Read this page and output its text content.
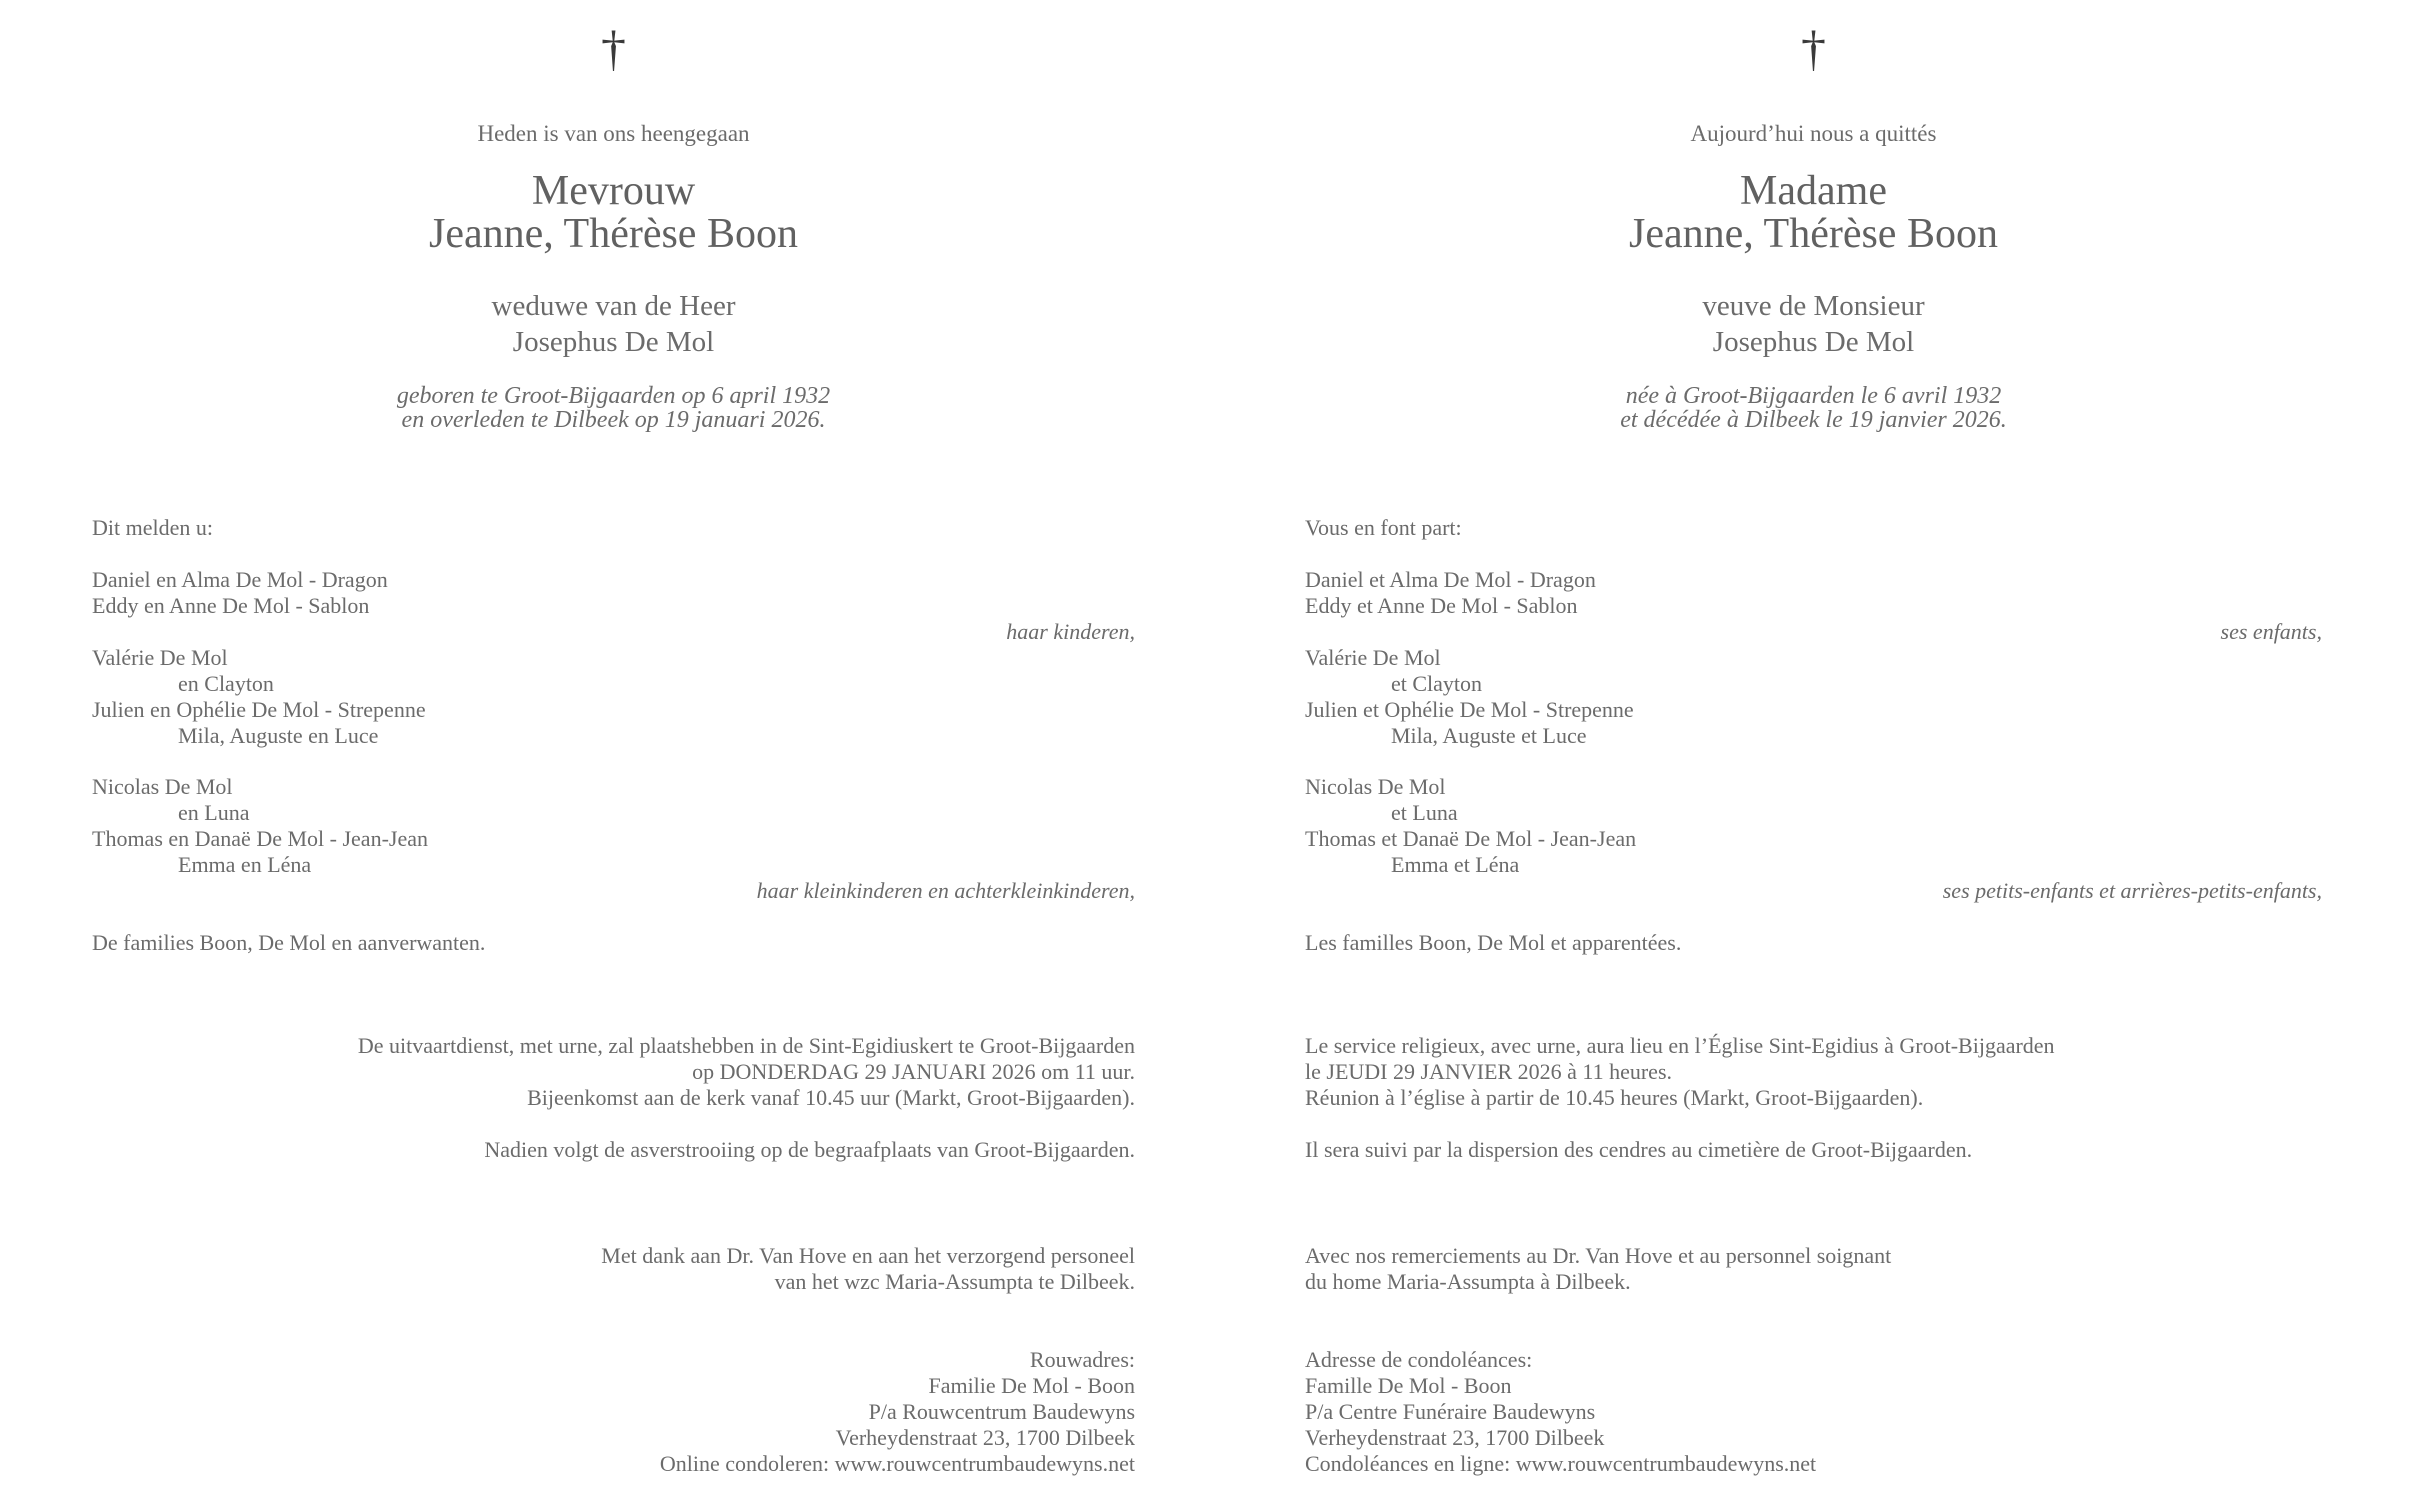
†
Heden is van ons heengegaan
Mevrouw
Jeanne, Thérèse Boon
weduwe van de Heer
Josephus De Mol
geboren te Groot-Bijgaarden op 6 april 1932
en overleden te Dilbeek op 19 januari 2026.
Dit melden u:
Daniel en Alma De Mol - Dragon
Eddy en Anne De Mol - Sablon
haar kinderen,
Valérie De Mol
en Clayton
Julien en Ophélie De Mol - Strepenne
Mila, Auguste en Luce
Nicolas De Mol
en Luna
Thomas en Danaë De Mol - Jean-Jean
Emma en Léna
haar kleinkinderen en achterkleinkinderen,
De families Boon, De Mol en aanverwanten.
De uitvaartdienst, met urne, zal plaatshebben in de Sint-Egidiuskert te Groot-Bijgaarden
op DONDERDAG 29 JANUARI 2026 om 11 uur.
Bijeenkomst aan de kerk vanaf 10.45 uur (Markt, Groot-Bijgaarden).
Nadien volgt de asverstrooiing op de begraafplaats van Groot-Bijgaarden.
Met dank aan Dr. Van Hove en aan het verzorgend personeel
van het wzc Maria-Assumpta te Dilbeek.
Rouwadres:
Familie De Mol - Boon
P/a Rouwcentrum Baudewyns
Verheydenstraat 23, 1700 Dilbeek
Online condoleren: www.rouwcentrumbaudewyns.net
†
Aujourd’hui nous a quittés
Madame
Jeanne, Thérèse Boon
veuve de Monsieur
Josephus De Mol
née à Groot-Bijgaarden le 6 avril 1932
et décédée à Dilbeek le 19 janvier 2026.
Vous en font part:
Daniel et Alma De Mol - Dragon
Eddy et Anne De Mol - Sablon
ses enfants,
Valérie De Mol
et Clayton
Julien et Ophélie De Mol - Strepenne
Mila, Auguste et Luce
Nicolas De Mol
et Luna
Thomas et Danaë De Mol - Jean-Jean
Emma et Léna
ses petits-enfants et arrières-petits-enfants,
Les familles Boon, De Mol et apparentées.
Le service religieux, avec urne, aura lieu en l’Église Sint-Egidius à Groot-Bijgaarden
le JEUDI 29 JANVIER 2026 à 11 heures.
Réunion à l’église à partir de 10.45 heures (Markt, Groot-Bijgaarden).
Il sera suivi par la dispersion des cendres au cimetière de Groot-Bijgaarden.
Avec nos remerciements au Dr. Van Hove et au personnel soignant
du home Maria-Assumpta à Dilbeek.
Adresse de condoléances:
Famille De Mol - Boon
P/a Centre Funéraire Baudewyns
Verheydenstraat 23, 1700 Dilbeek
Condoléances en ligne: www.rouwcentrumbaudewyns.net
